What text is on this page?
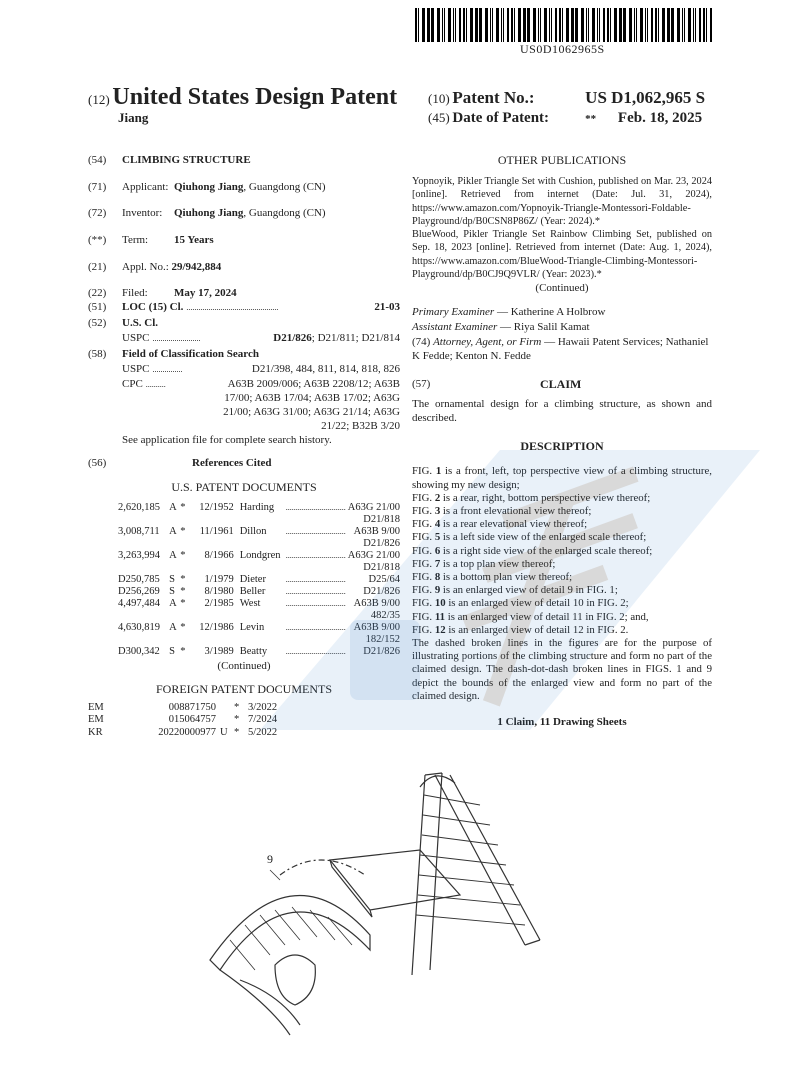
US0D1062965S
(12) United States Design Patent
Jiang
(10) Patent No.:	US D1,062,965 S
(45) Date of Patent:	** Feb. 18, 2025
(54) CLIMBING STRUCTURE
(71) Applicant: Qiuhong Jiang, Guangdong (CN)
(72) Inventor: Qiuhong Jiang, Guangdong (CN)
(**) Term: 15 Years
(21) Appl. No.: 29/942,884
(22) Filed: May 17, 2024
(51)	LOC (15) Cl. ..............................................	21-03
(52) U.S. Cl.
USPC ........................	D21/826; D21/811; D21/814
(58) Field of Classification Search
USPC ...............	D21/398, 484, 811, 814, 818, 826
CPC ..........	A63B 2009/006; A63B 2208/12; A63B
17/00; A63B 17/04; A63B 17/02; A63G
21/00; A63G 31/00; A63G 21/14; A63G
21/22; B32B 3/20
See application file for complete search history.
(56)	References Cited
U.S. PATENT DOCUMENTS
2,620,185	A	*	12/1952	Harding	..............................	A63G 21/00
D21/818						
3,008,711	A	*	11/1961	Dillon	..............................	A63B 9/00
D21/826						
3,263,994	A	*	8/1966	Londgren	..............................	A63G 21/00
D21/818						
D250,785	S	*	1/1979	Dieter	..............................	D25/64
D256,269	S	*	8/1980	Beller	..............................	D21/826
4,497,484	A	*	2/1985	West	..............................	A63B 9/00
482/35						
4,630,819	A	*	12/1986	Levin	..............................	A63B 9/00
182/152						
D300,342	S	*	3/1989	Beatty	..............................	D21/826
(Continued)
FOREIGN PATENT DOCUMENTS
EM	008871750		*	3/2022
EM	015064757		*	7/2024
KR	20220000977	U	*	5/2022
OTHER PUBLICATIONS
Yopnoyik, Pikler Triangle Set with Cushion, published on Mar. 23, 2024 [online]. Retrieved from internet (Date: Jul. 31, 2024), https://www.amazon.com/Yopnoyik-Triangle-Montessori-Foldable-Playground/dp/B0CSN8P86Z/ (Year: 2024).*
BlueWood, Pikler Triangle Set Rainbow Climbing Set, published on Sep. 18, 2023 [online]. Retrieved from internet (Date: Aug. 1, 2024), https://www.amazon.com/BlueWood-Triangle-Climbing-Montessori-Playground/dp/B0CJ9Q9VLR/ (Year: 2023).*
(Continued)
Primary Examiner — Katherine A Holbrow
Assistant Examiner — Riya Salil Kamat
(74) Attorney, Agent, or Firm — Hawaii Patent Services; Nathaniel K Fedde; Kenton N. Fedde
(57)	CLAIM
The ornamental design for a climbing structure, as shown and described.
DESCRIPTION

FIG. 1 is a front, left, top perspective view of a climbing structure, showing my new design;

FIG. 2 is a rear, right, bottom perspective view thereof;

FIG. 3 is a front elevational view thereof;

FIG. 4 is a rear elevational view thereof;

FIG. 5 is a left side view of the enlarged scale thereof;

FIG. 6 is a right side view of the enlarged scale thereof;

FIG. 7 is a top plan view thereof;

FIG. 8 is a bottom plan view thereof;

FIG. 9 is an enlarged view of detail 9 in FIG. 1;

FIG. 10 is an enlarged view of detail 10 in FIG. 2;

FIG. 11 is an enlarged view of detail 11 in FIG. 2; and,

FIG. 12 is an enlarged view of detail 12 in FIG. 2.

The dashed broken lines in the figures are for the purpose of illustrating portions of the climbing structure and form no part of the claimed design. The dash-dot-dash broken lines in FIGS. 1 and 9 depict the bounds of the enlarged view and form no part of the claimed design.

1 Claim, 11 Drawing Sheets
9
